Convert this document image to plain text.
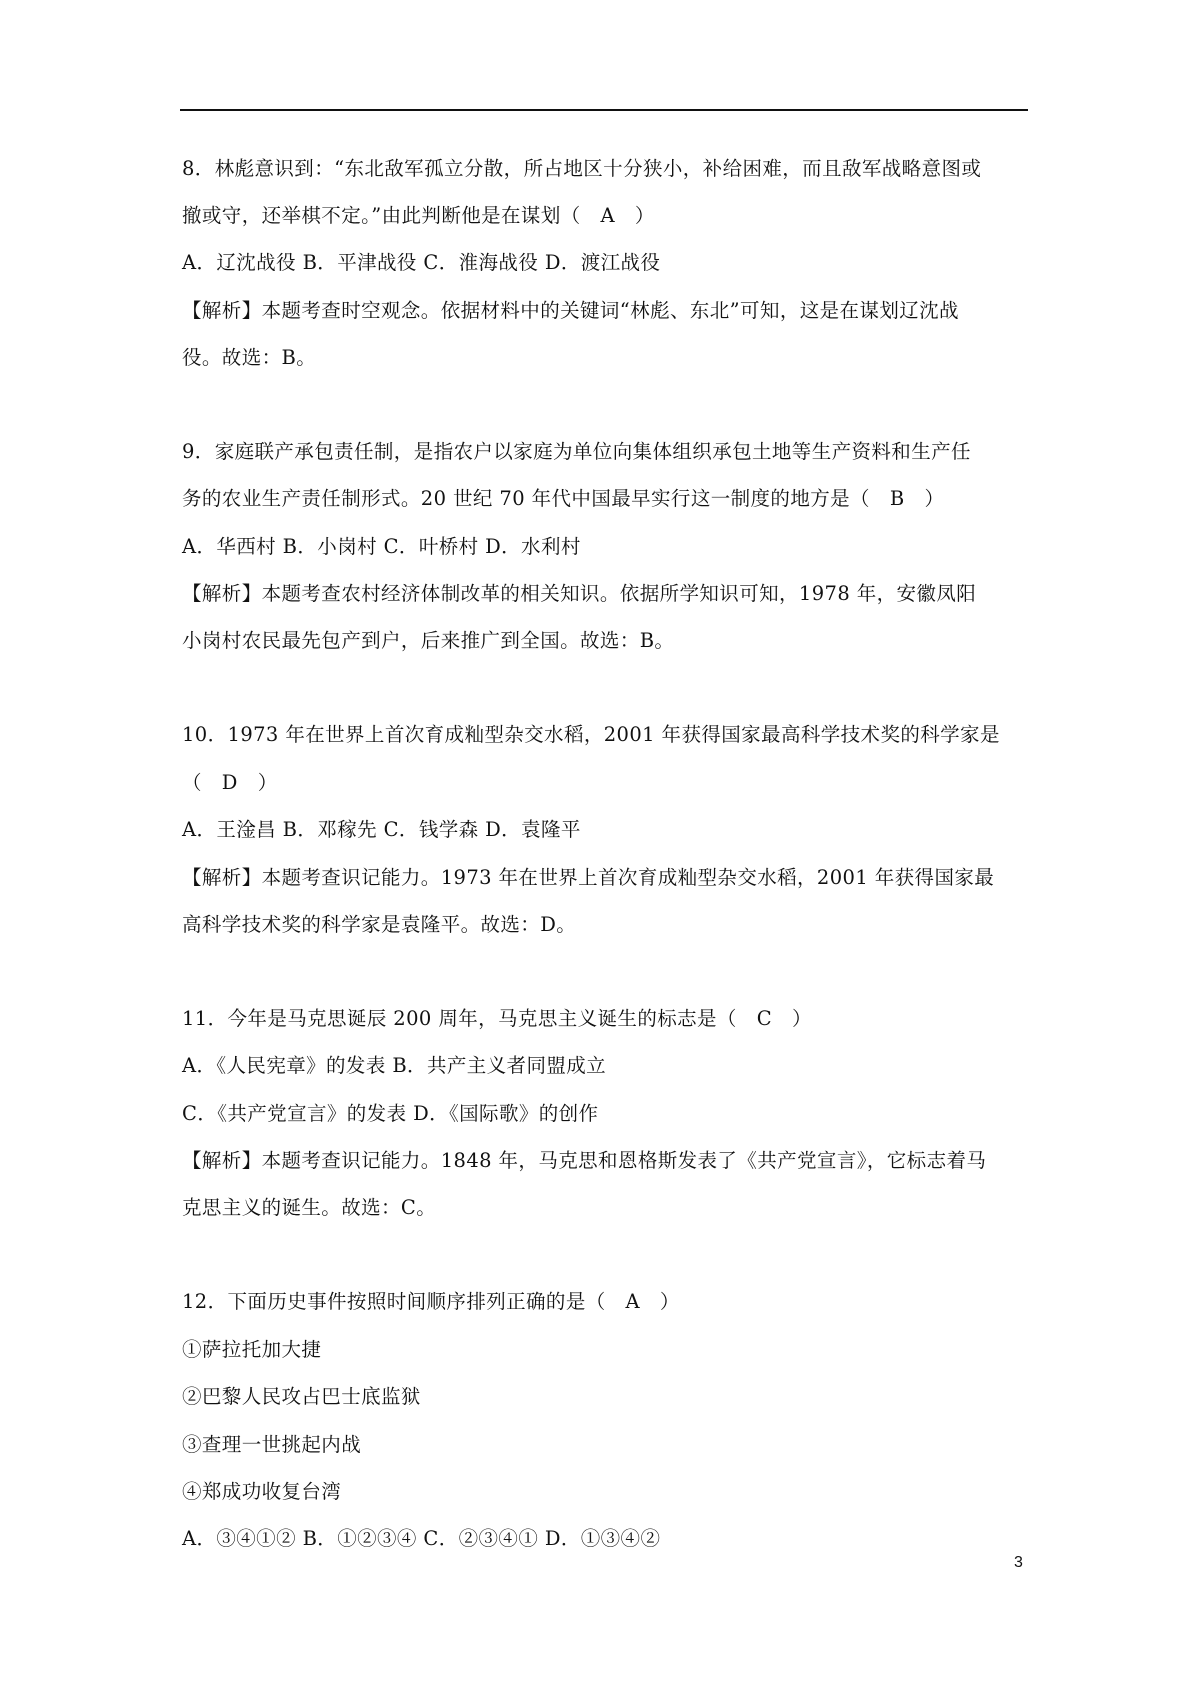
8．林彪意识到：“东北敌军孤立分散，所占地区十分狭小，补给困难，而且敌军战略意图或
撤或守，还举棋不定。”由此判断他是在谋划（　A　）
A．辽沈战役 B．平津战役 C．淮海战役 D．渡江战役
【解析】本题考查时空观念。依据材料中的关键词“林彪、东北”可知，这是在谋划辽沈战
役。故选：B。
9．家庭联产承包责任制，是指农户以家庭为单位向集体组织承包土地等生产资料和生产任
务的农业生产责任制形式。20 世纪 70 年代中国最早实行这一制度的地方是（　B　）
A．华西村 B．小岗村 C．叶桥村 D．水利村
【解析】本题考查农村经济体制改革的相关知识。依据所学知识可知，1978 年，安徽凤阳
小岗村农民最先包产到户，后来推广到全国。故选：B。
10．1973 年在世界上首次育成籼型杂交水稻，2001 年获得国家最高科学技术奖的科学家是
（　D　）
A．王淦昌 B．邓稼先 C．钱学森 D．袁隆平
【解析】本题考查识记能力。1973 年在世界上首次育成籼型杂交水稻，2001 年获得国家最
高科学技术奖的科学家是袁隆平。故选：D。
11．今年是马克思诞辰 200 周年，马克思主义诞生的标志是（　C　）
A．《人民宪章》的发表 B．共产主义者同盟成立
C．《共产党宣言》的发表 D．《国际歌》的创作
【解析】本题考查识记能力。1848 年，马克思和恩格斯发表了《共产党宣言》，它标志着马
克思主义的诞生。故选：C。
12．下面历史事件按照时间顺序排列正确的是（　A　）
①萨拉托加大捷
②巴黎人民攻占巴士底监狱
③查理一世挑起内战
④郑成功收复台湾
A．③④①② B．①②③④ C．②③④① D．①③④②
3
